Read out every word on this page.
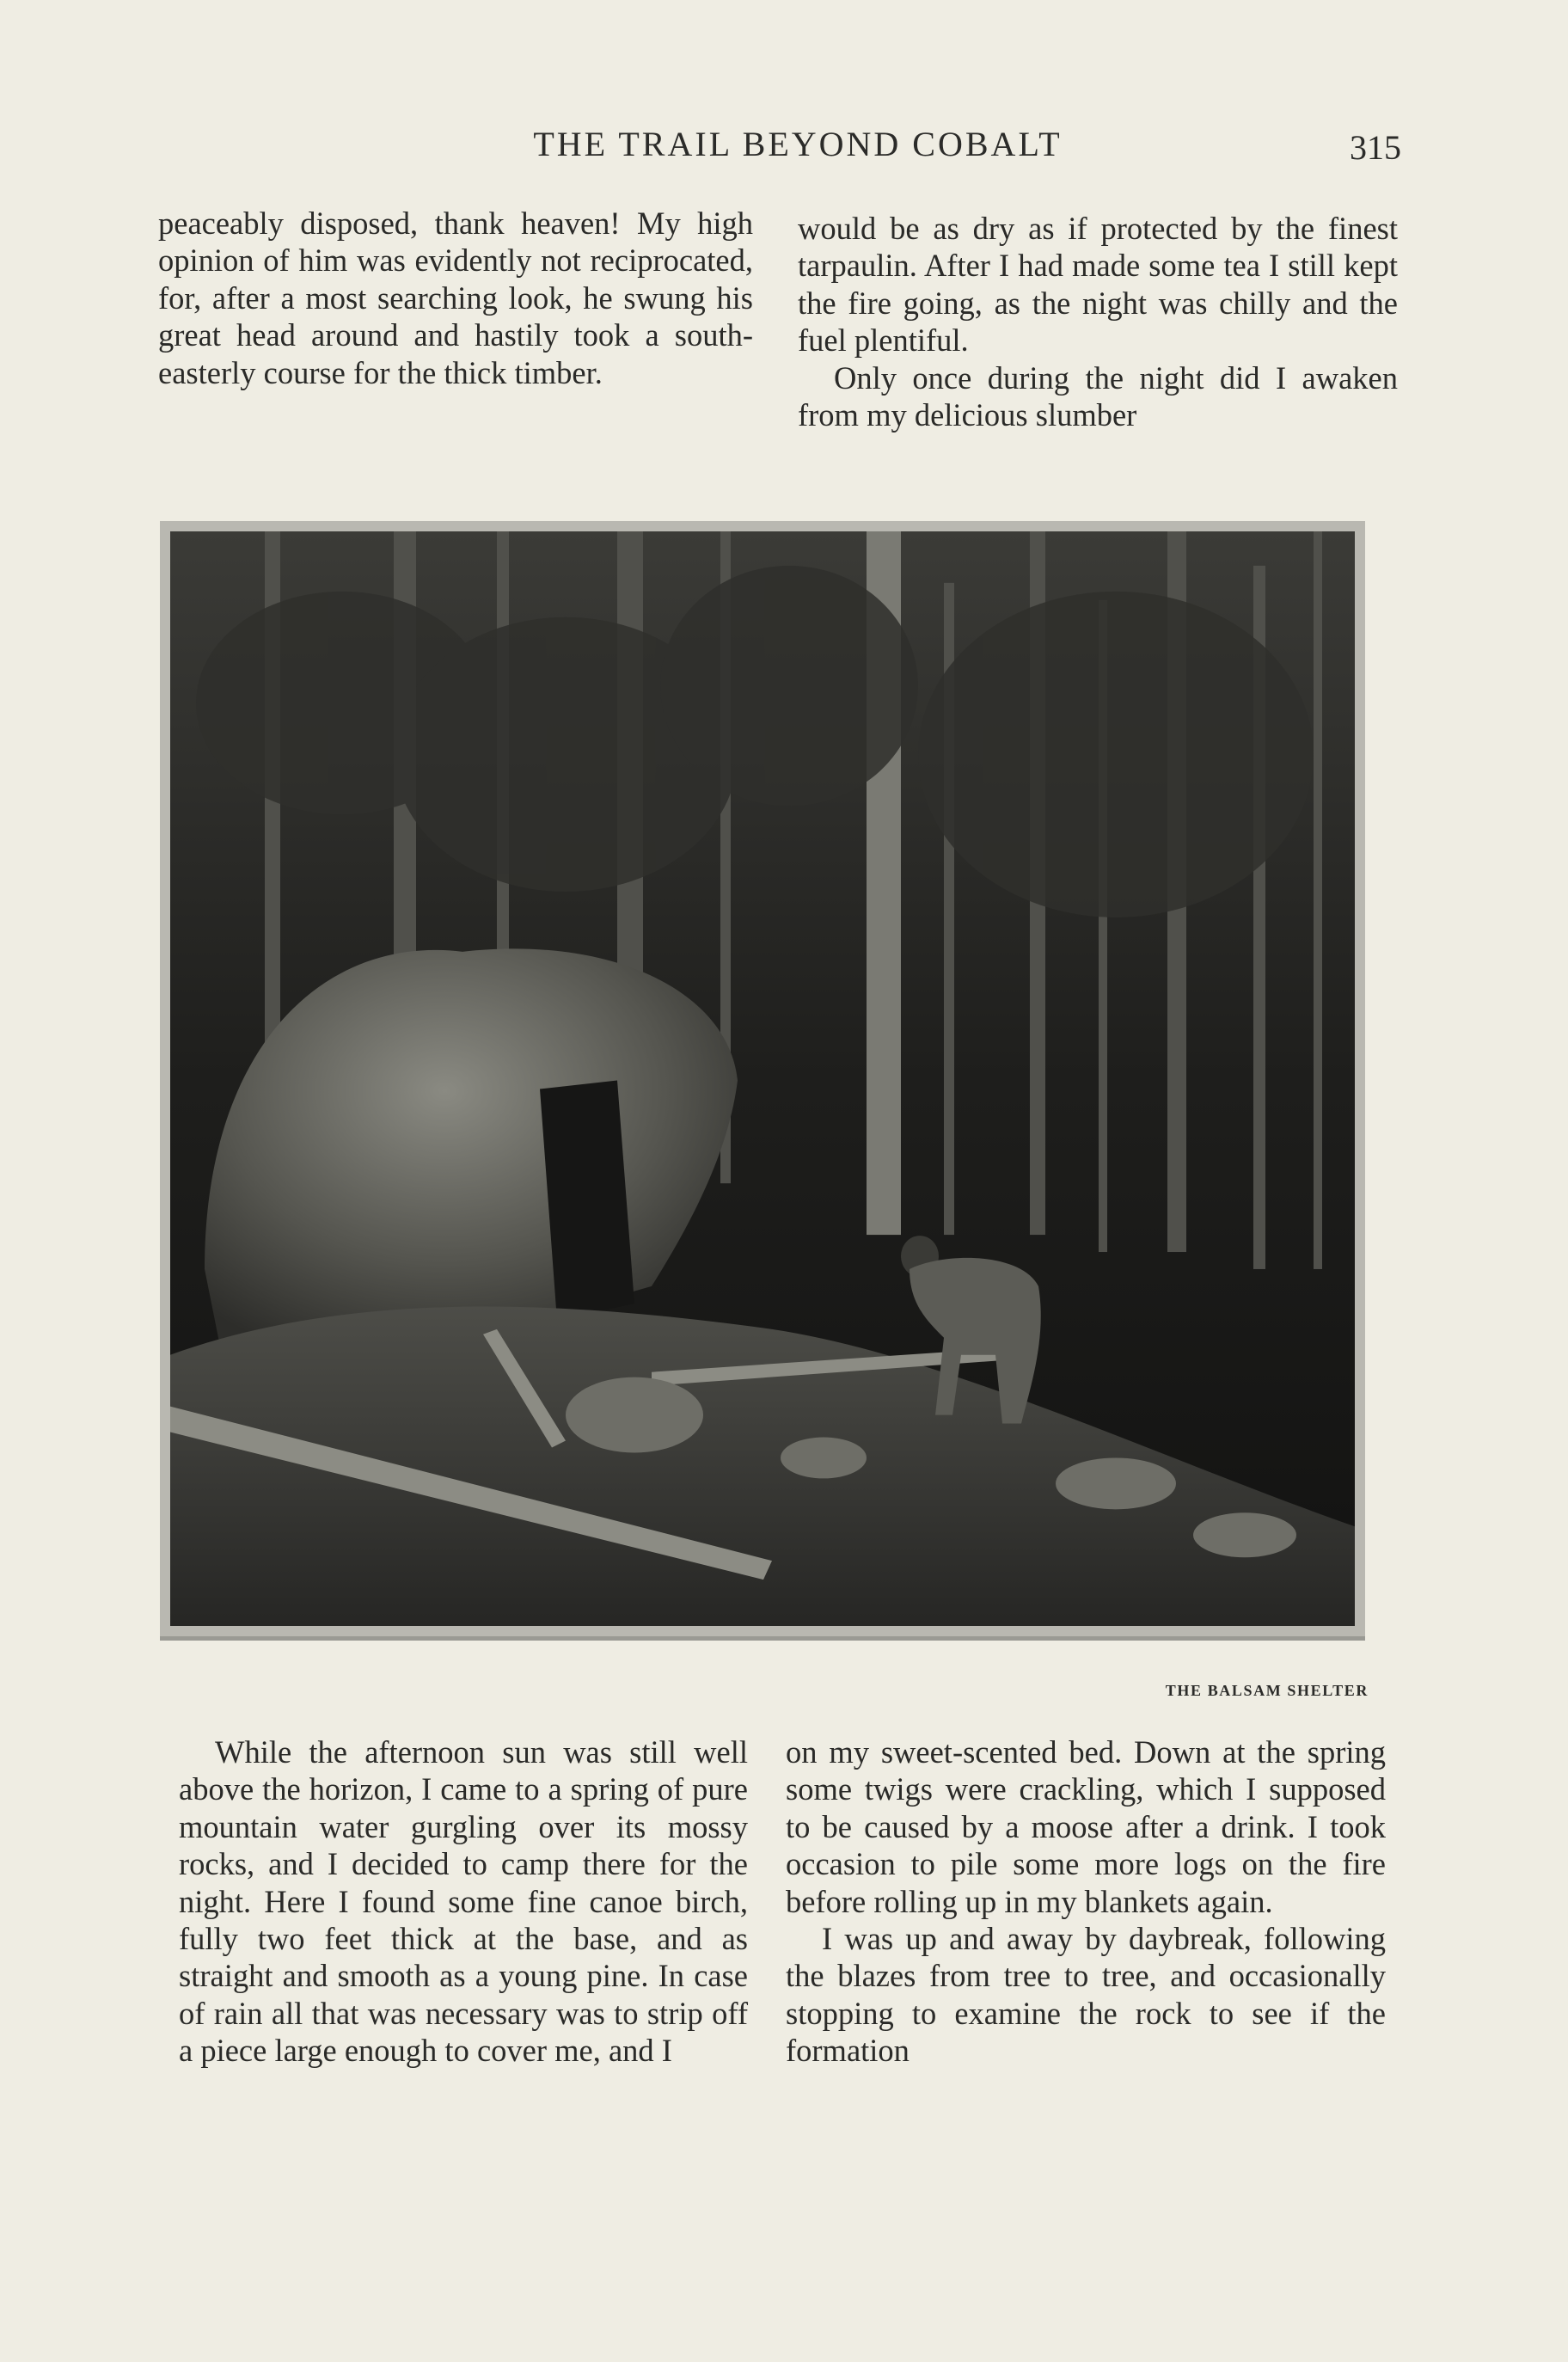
THE TRAIL BEYOND COBALT	315

peaceably disposed, thank heaven! My high opinion of him was evidently not reciprocated, for, after a most searching look, he swung his great head around and hastily took a south-easterly course for the thick timber.

would be as dry as if protected by the finest tarpaulin. After I had made some tea I still kept the fire going, as the night was chilly and the fuel plentiful.

Only once during the night did I awaken from my delicious slumber

THE BALSAM SHELTER

While the afternoon sun was still well above the horizon, I came to a spring of pure mountain water gurgling over its mossy rocks, and I decided to camp there for the night. Here I found some fine canoe birch, fully two feet thick at the base, and as straight and smooth as a young pine. In case of rain all that was necessary was to strip off a piece large enough to cover me, and I

on my sweet-scented bed. Down at the spring some twigs were crackling, which I supposed to be caused by a moose after a drink. I took occasion to pile some more logs on the fire before rolling up in my blankets again.

I was up and away by daybreak, following the blazes from tree to tree, and occasionally stopping to examine the rock to see if the formation
